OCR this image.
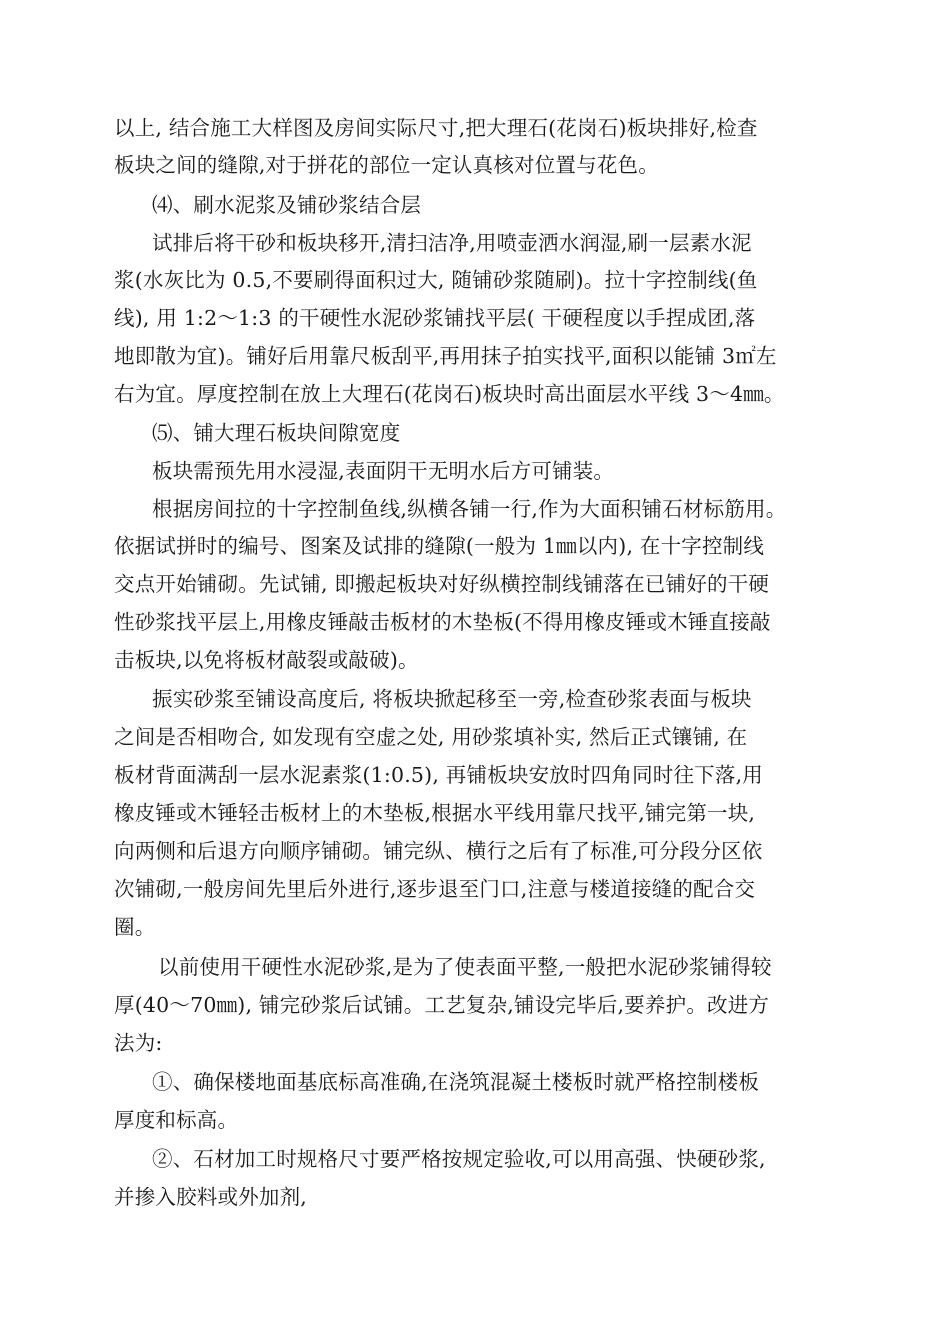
以上, 结合施工大样图及房间实际尺寸,把大理石(花岗石)板块排好,检查
板块之间的缝隙,对于拼花的部位一定认真核对位置与花色。
⑷、刷水泥浆及铺砂浆结合层
试排后将干砂和板块移开,清扫洁净,用喷壶洒水润湿,刷一层素水泥
浆(水灰比为 0.5,不要刷得面积过大, 随铺砂浆随刷)。拉十字控制线(鱼
线), 用 1:2～1:3 的干硬性水泥砂浆铺找平层( 干硬程度以手捏成团,落
地即散为宜)。铺好后用靠尺板刮平,再用抹子拍实找平,面积以能铺 3㎡左
右为宜。厚度控制在放上大理石(花岗石)板块时高出面层水平线 3～4㎜。
⑸、铺大理石板块间隙宽度
板块需预先用水浸湿,表面阴干无明水后方可铺装。
根据房间拉的十字控制鱼线,纵横各铺一行,作为大面积铺石材标筋用。
依据试拼时的编号、图案及试排的缝隙(一般为 1㎜以内), 在十字控制线
交点开始铺砌。先试铺, 即搬起板块对好纵横控制线铺落在已铺好的干硬
性砂浆找平层上,用橡皮锤敲击板材的木垫板(不得用橡皮锤或木锤直接敲
击板块,以免将板材敲裂或敲破)。
振实砂浆至铺设高度后, 将板块掀起移至一旁,检查砂浆表面与板块
之间是否相吻合, 如发现有空虚之处, 用砂浆填补实, 然后正式镶铺, 在
板材背面满刮一层水泥素浆(1:0.5), 再铺板块安放时四角同时往下落,用
橡皮锤或木锤轻击板材上的木垫板,根据水平线用靠尺找平,铺完第一块,
向两侧和后退方向顺序铺砌。铺完纵、横行之后有了标准,可分段分区依
次铺砌,一般房间先里后外进行,逐步退至门口,注意与楼道接缝的配合交
圈。
以前使用干硬性水泥砂浆,是为了使表面平整,一般把水泥砂浆铺得较
厚(40～70㎜), 铺完砂浆后试铺。工艺复杂,铺设完毕后,要养护。改进方
法为:
①、确保楼地面基底标高准确,在浇筑混凝土楼板时就严格控制楼板
厚度和标高。
②、石材加工时规格尺寸要严格按规定验收,可以用高强、快硬砂浆,
并掺入胶料或外加剂,
